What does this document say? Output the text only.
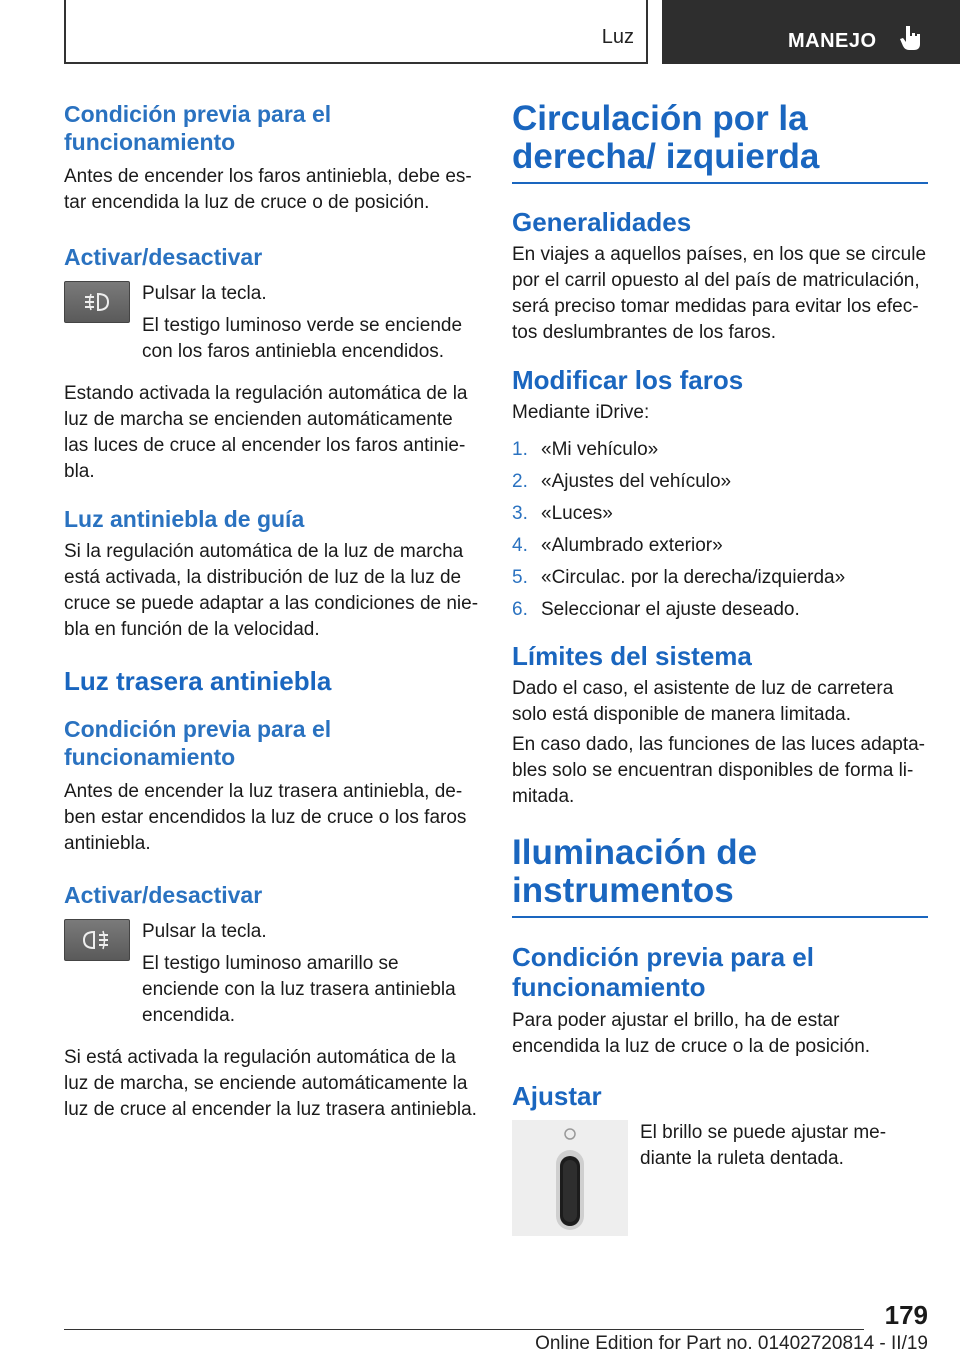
Luz	MANEJO
Condición previa para el funcionamiento

Antes de encender los faros antiniebla, debe es-tar encendida la luz de cruce o de posición.

Activar/desactivar

Pulsar la tecla.

El testigo luminoso verde se enciende con los faros antiniebla encendidos.

Estando activada la regulación automática de la luz de marcha se encienden automáticamente las luces de cruce al encender los faros antinie-bla.

Luz antiniebla de guía

Si la regulación automática de la luz de marcha está activada, la distribución de luz de la luz de cruce se puede adaptar a las condiciones de nie-bla en función de la velocidad.

Luz trasera antiniebla
Condición previa para el funcionamiento

Antes de encender la luz trasera antiniebla, de-ben estar encendidos la luz de cruce o los faros antiniebla.

Activar/desactivar

Pulsar la tecla.

El testigo luminoso amarillo se enciende con la luz trasera antiniebla encendida.

Si está activada la regulación automática de la luz de marcha, se enciende automáticamente la luz de cruce al encender la luz trasera antiniebla.

Circulación por la derecha/ izquierda
Generalidades

En viajes a aquellos países, en los que se circule por el carril opuesto al del país de matriculación, será preciso tomar medidas para evitar los efec-tos deslumbrantes de los faros.

Modificar los faros

Mediante iDrive:

1. «Mi vehículo»
2. «Ajustes del vehículo»
3. «Luces»
4. «Alumbrado exterior»
5. «Circulac. por la derecha/izquierda»
6. Seleccionar el ajuste deseado.
Límites del sistema

Dado el caso, el asistente de luz de carretera solo está disponible de manera limitada.

En caso dado, las funciones de las luces adapta-bles solo se encuentran disponibles de forma li-mitada.

Iluminación de instrumentos
Condición previa para el funcionamiento

Para poder ajustar el brillo, ha de estar encendida la luz de cruce o la de posición.

Ajustar

El brillo se puede ajustar me-diante la ruleta dentada.

179
Online Edition for Part no. 01402720814 - II/19
